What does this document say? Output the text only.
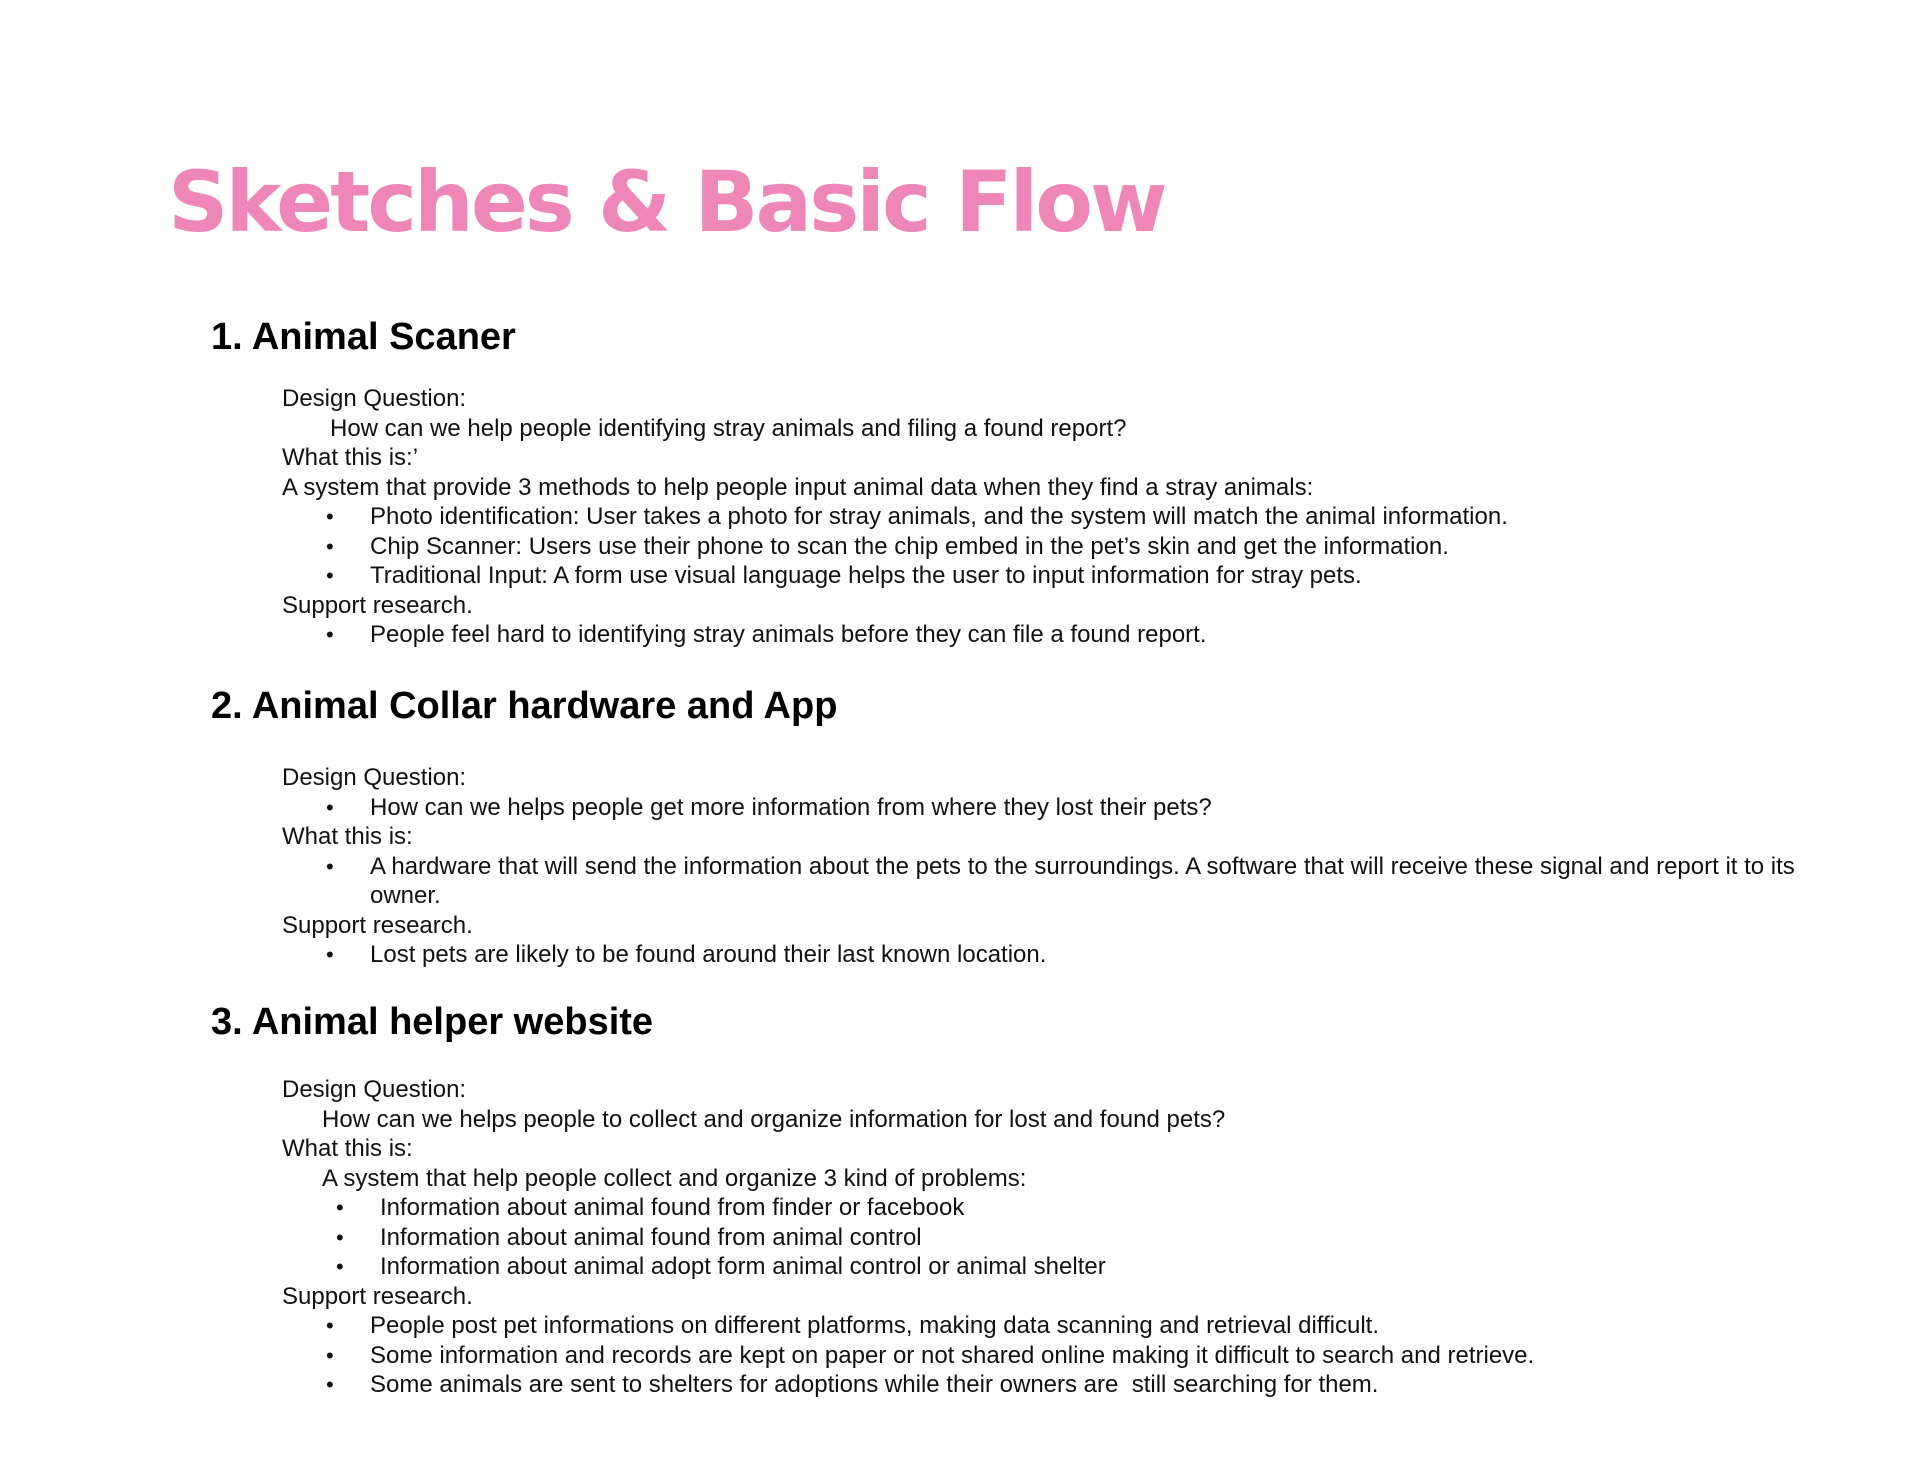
Sketches & Basic Flow
1. Animal Scaner
Design Question:
How can we help people identifying stray animals and filing a found report?
What this is:’
A system that provide 3 methods to help people input animal data when they find a stray animals:
• Photo identification: User takes a photo for stray animals, and the system will match the animal information.
• Chip Scanner: Users use their phone to scan the chip embed in the pet’s skin and get the information.
• Traditional Input: A form use visual language helps the user to input information for stray pets.
Support research.
• People feel hard to identifying stray animals before they can file a found report.
2. Animal Collar hardware and App
Design Question:
• How can we helps people get more information from where they lost their pets?
What this is:
• A hardware that will send the information about the pets to the surroundings. A software that will receive these signal and report it to its owner.
Support research.
• Lost pets are likely to be found around their last known location.
3. Animal helper website
Design Question:
How can we helps people to collect and organize information for lost and found pets?
What this is:
A system that help people collect and organize 3 kind of problems:
• Information about animal found from finder or facebook
• Information about animal found from animal control
• Information about animal adopt form animal control or animal shelter
Support research.
• People post pet informations on different platforms, making data scanning and retrieval difficult.
• Some information and records are kept on paper or not shared online making it difficult to search and retrieve.
• Some animals are sent to shelters for adoptions while their owners are  still searching for them.
